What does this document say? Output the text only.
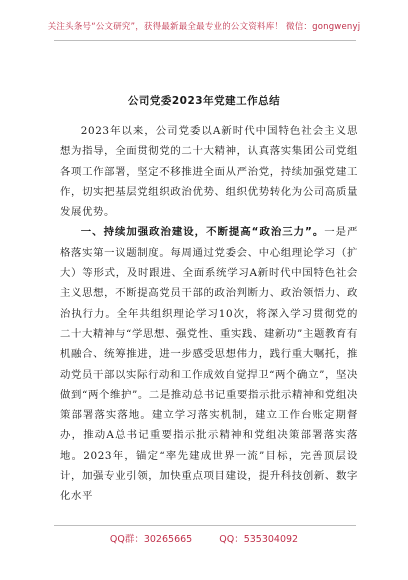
关注头条号“公文研究”，获得最新最全最专业的公文资料库！ 微信：gongwenyj
公司党委2023年党建工作总结

2023年以来，公司党委以A新时代中国特色社会主义思想为指导，全面贯彻党的二十大精神，认真落实集团公司党组各项工作部署，坚定不移推进全面从严治党，持续加强党建工作，切实把基层党组织政治优势、组织优势转化为公司高质量发展优势。

一、持续加强政治建设，不断提高“政治三力”。一是严格落实第一议题制度。每周通过党委会、中心组理论学习（扩大）等形式，及时跟进、全面系统学习A新时代中国特色社会主义思想，不断提高党员干部的政治判断力、政治领悟力、政治执行力。全年共组织理论学习10次，将深入学习贯彻党的二十大精神与“学思想、强党性、重实践、建新功”主题教育有机融合、统筹推进，进一步感受思想伟力，践行重大嘱托，推动党员干部以实际行动和工作成效自觉捍卫“两个确立”，坚决做到“两个维护”。二是推动总书记重要指示批示精神和党组决策部署落实落地。建立学习落实机制，建立工作台账定期督办，推动A总书记重要指示批示精神和党组决策部署落实落地。2023年，锚定“率先建成世界一流”目标，完善顶层设计，加强专业引领，加快重点项目建设，提升科技创新、数字化水平

QQ群：30265665	QQ：535304092
